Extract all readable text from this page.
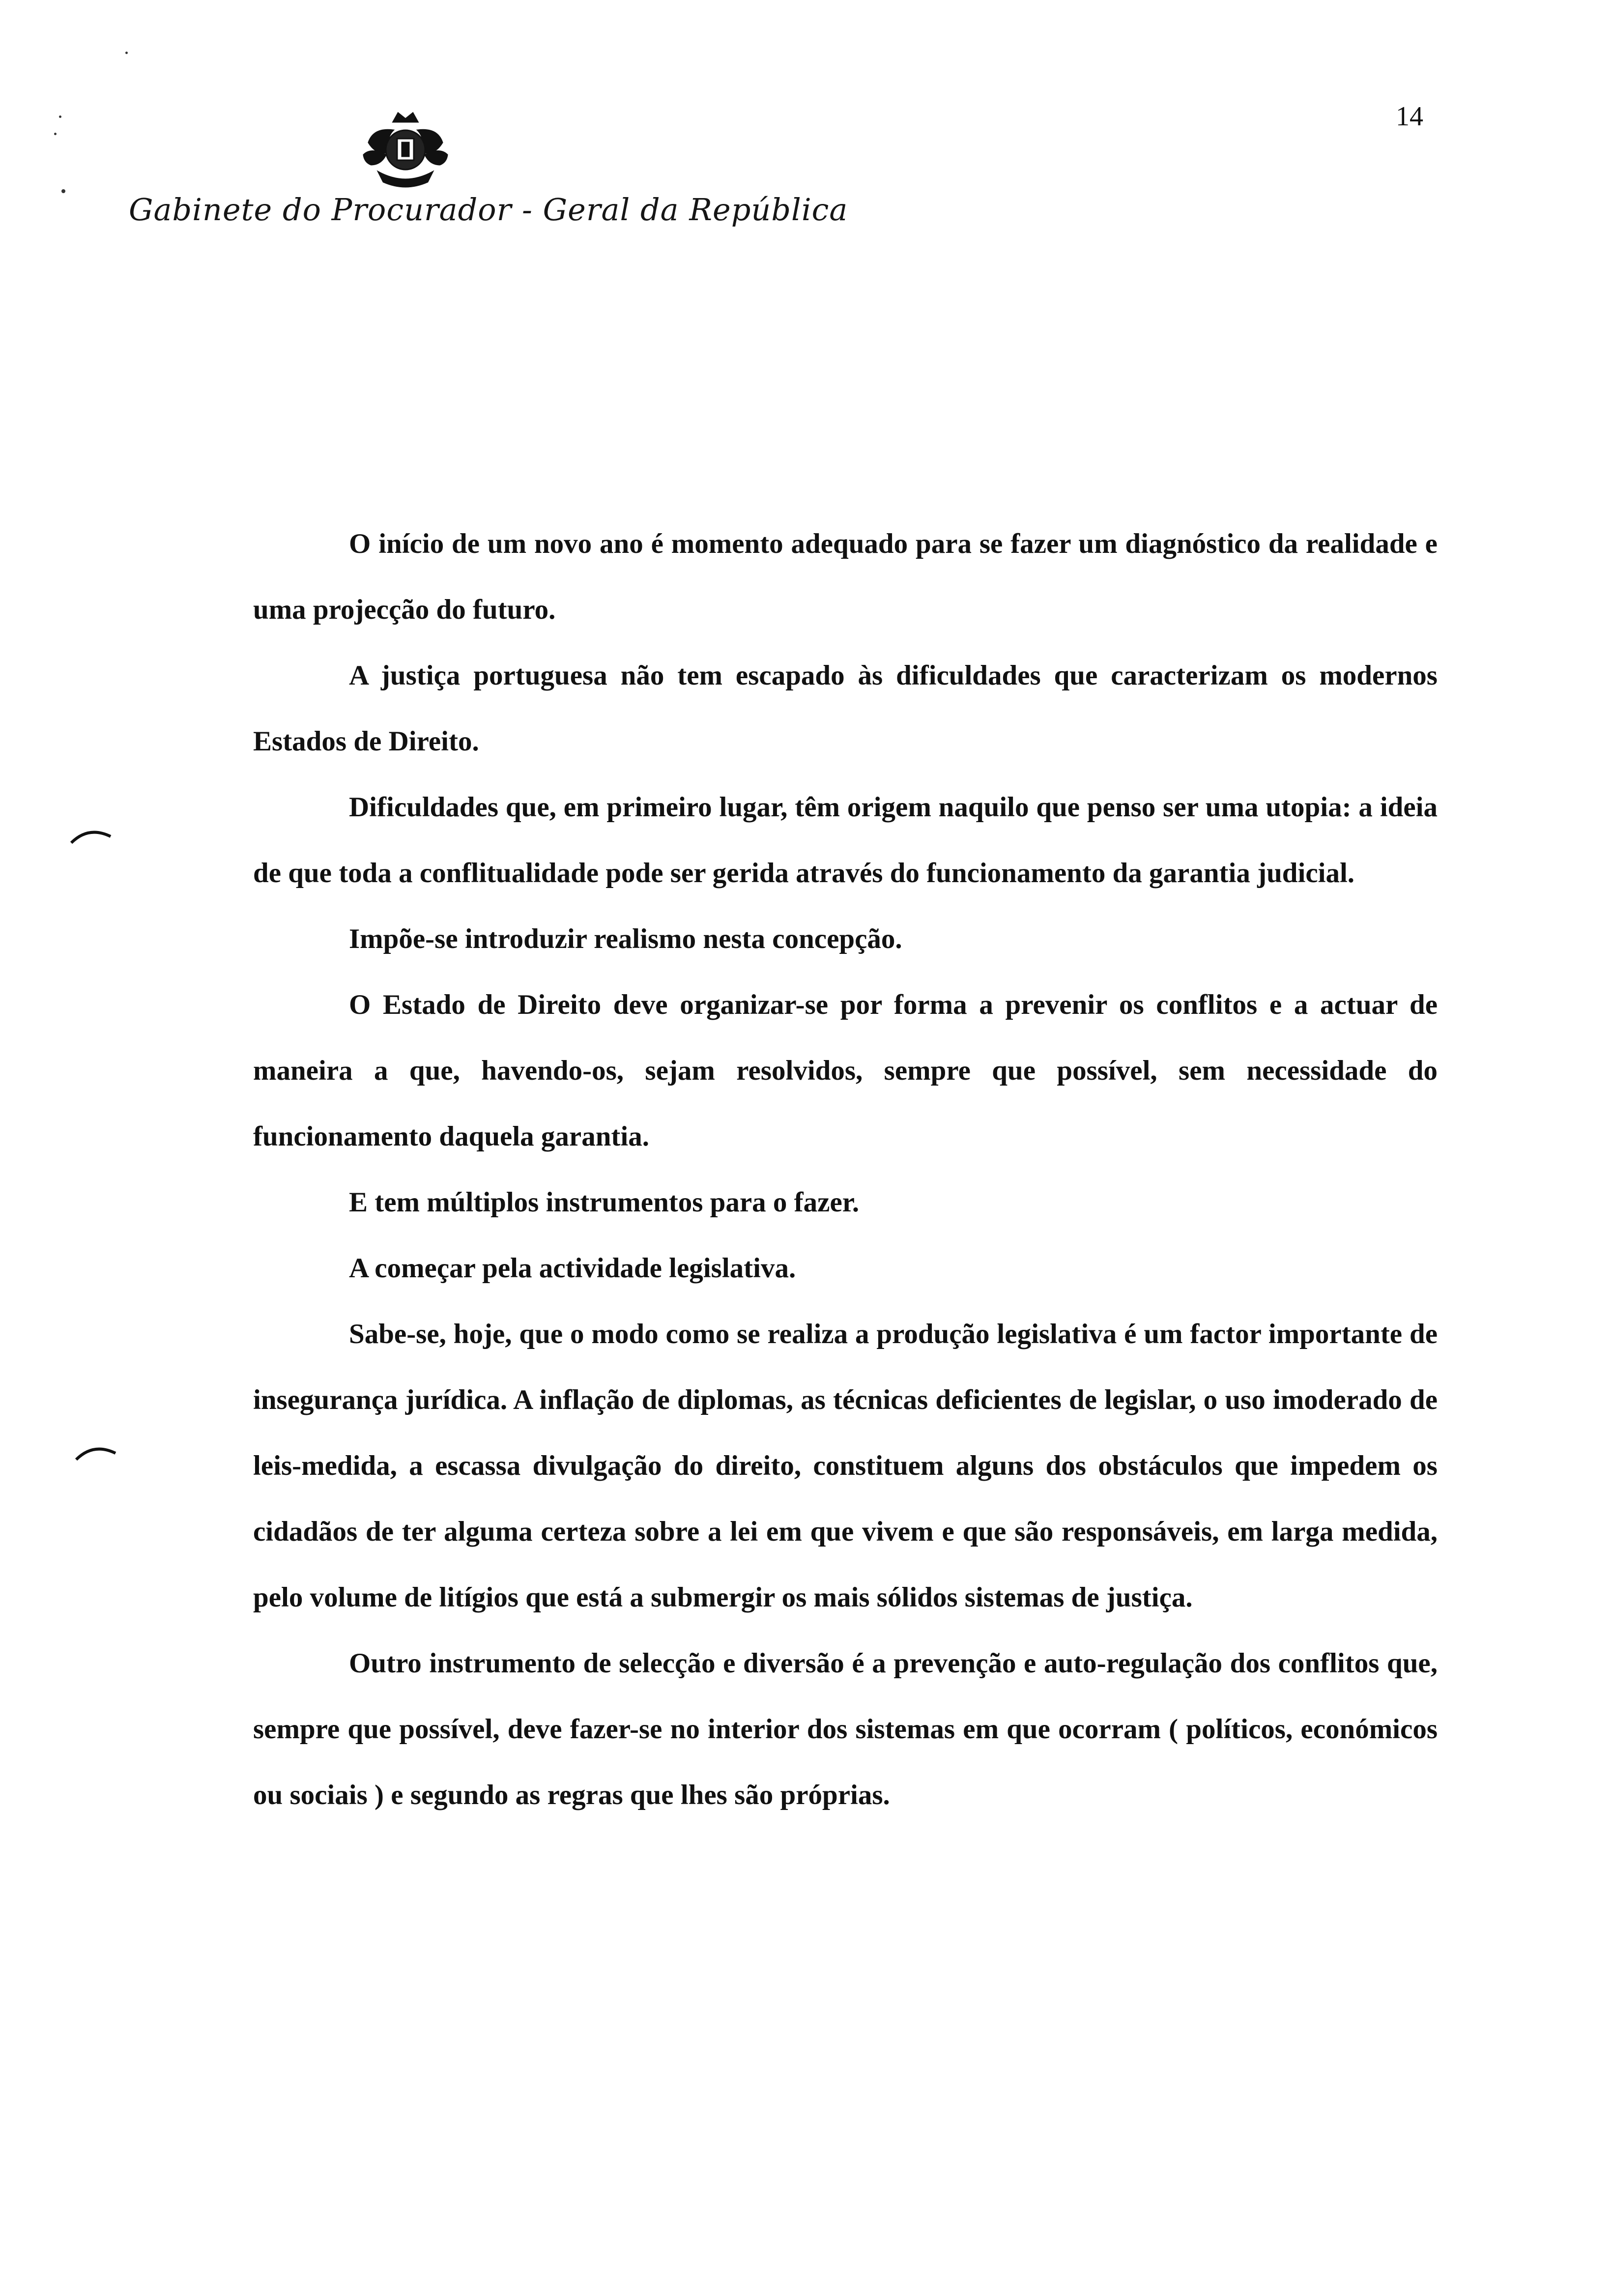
14
Gabinete do Procurador - Geral da República

O início de um novo ano é momento adequado para se fazer um diagnóstico da realidade e uma projecção do futuro.

A justiça portuguesa não tem escapado às dificuldades que caracterizam os modernos Estados de Direito.

Dificuldades que, em primeiro lugar, têm origem naquilo que penso ser uma utopia: a ideia de que toda a conflitualidade pode ser gerida através do funcionamento da garantia judicial.

Impõe-se introduzir realismo nesta concepção.

O Estado de Direito deve organizar-se por forma a prevenir os conflitos e a actuar de maneira a que, havendo-os, sejam resolvidos, sempre que possível, sem necessidade do funcionamento daquela garantia.

E tem múltiplos instrumentos para o fazer.

A começar pela actividade legislativa.

Sabe-se, hoje, que o modo como se realiza a produção legislativa é um factor importante de insegurança jurídica. A inflação de diplomas, as técnicas deficientes de legislar, o uso imoderado de leis-medida, a escassa divulgação do direito, constituem alguns dos obstáculos que impedem os cidadãos de ter alguma certeza sobre a lei em que vivem e que são responsáveis, em larga medida, pelo volume de litígios que está a submergir os mais sólidos sistemas de justiça.

Outro instrumento de selecção e diversão é a prevenção e auto-regulação dos conflitos que, sempre que possível, deve fazer-se no interior dos sistemas em que ocorram ( políticos, económicos ou sociais ) e segundo as regras que lhes são próprias.
